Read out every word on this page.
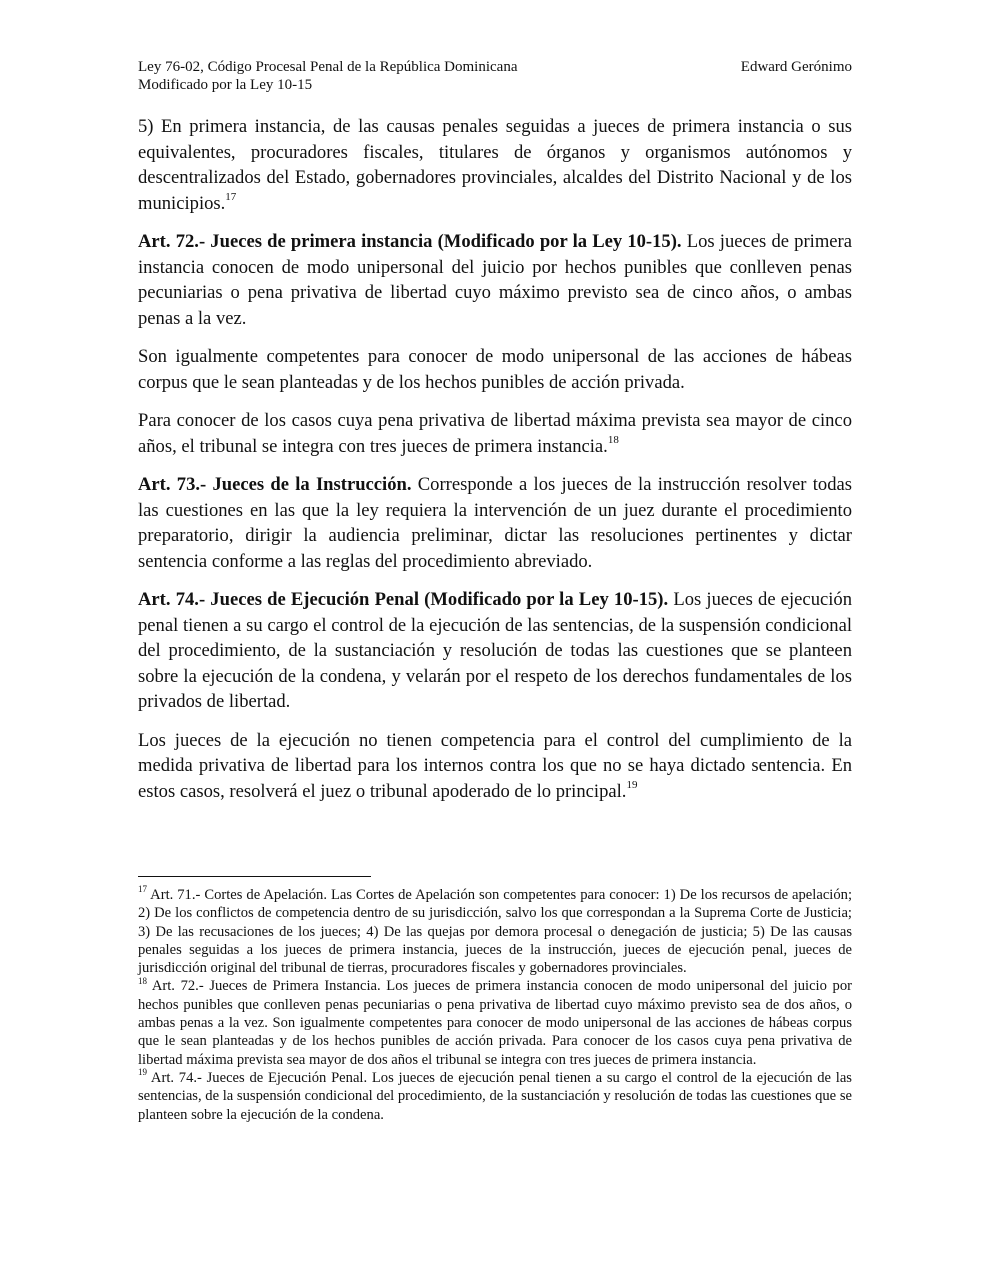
Ley 76-02, Código Procesal Penal de la República Dominicana
Modificado por la Ley 10-15
Edward Gerónimo

5) En primera instancia, de las causas penales seguidas a jueces de primera instancia o sus equivalentes, procuradores fiscales, titulares de órganos y organismos autónomos y descentralizados del Estado, gobernadores provinciales, alcaldes del Distrito Nacional y de los municipios.$^{17}$

Art. 72.- Jueces de primera instancia (Modificado por la Ley 10-15). Los jueces de primera instancia conocen de modo unipersonal del juicio por hechos punibles que conlleven penas pecuniarias o pena privativa de libertad cuyo máximo previsto sea de cinco años, o ambas penas a la vez.

Son igualmente competentes para conocer de modo unipersonal de las acciones de hábeas corpus que le sean planteadas y de los hechos punibles de acción privada.

Para conocer de los casos cuya pena privativa de libertad máxima prevista sea mayor de cinco años, el tribunal se integra con tres jueces de primera instancia.$^{18}$

Art. 73.- Jueces de la Instrucción. Corresponde a los jueces de la instrucción resolver todas las cuestiones en las que la ley requiera la intervención de un juez durante el procedimiento preparatorio, dirigir la audiencia preliminar, dictar las resoluciones pertinentes y dictar sentencia conforme a las reglas del procedimiento abreviado.

Art. 74.- Jueces de Ejecución Penal (Modificado por la Ley 10-15). Los jueces de ejecución penal tienen a su cargo el control de la ejecución de las sentencias, de la suspensión condicional del procedimiento, de la sustanciación y resolución de todas las cuestiones que se planteen sobre la ejecución de la condena, y velarán por el respeto de los derechos fundamentales de los privados de libertad.

Los jueces de la ejecución no tienen competencia para el control del cumplimiento de la medida privativa de libertad para los internos contra los que no se haya dictado sentencia. En estos casos, resolverá el juez o tribunal apoderado de lo principal.$^{19}$

$^{17}$ Art. 71.- Cortes de Apelación. Las Cortes de Apelación son competentes para conocer: 1) De los recursos de apelación; 2) De los conflictos de competencia dentro de su jurisdicción, salvo los que correspondan a la Suprema Corte de Justicia; 3) De las recusaciones de los jueces; 4) De las quejas por demora procesal o denegación de justicia; 5) De las causas penales seguidas a los jueces de primera instancia, jueces de la instrucción, jueces de ejecución penal, jueces de jurisdicción original del tribunal de tierras, procuradores fiscales y gobernadores provinciales.

$^{18}$ Art. 72.- Jueces de Primera Instancia. Los jueces de primera instancia conocen de modo unipersonal del juicio por hechos punibles que conlleven penas pecuniarias o pena privativa de libertad cuyo máximo previsto sea de dos años, o ambas penas a la vez. Son igualmente competentes para conocer de modo unipersonal de las acciones de hábeas corpus que le sean planteadas y de los hechos punibles de acción privada. Para conocer de los casos cuya pena privativa de libertad máxima prevista sea mayor de dos años el tribunal se integra con tres jueces de primera instancia.

$^{19}$ Art. 74.- Jueces de Ejecución Penal. Los jueces de ejecución penal tienen a su cargo el control de la ejecución de las sentencias, de la suspensión condicional del procedimiento, de la sustanciación y resolución de todas las cuestiones que se planteen sobre la ejecución de la condena.
